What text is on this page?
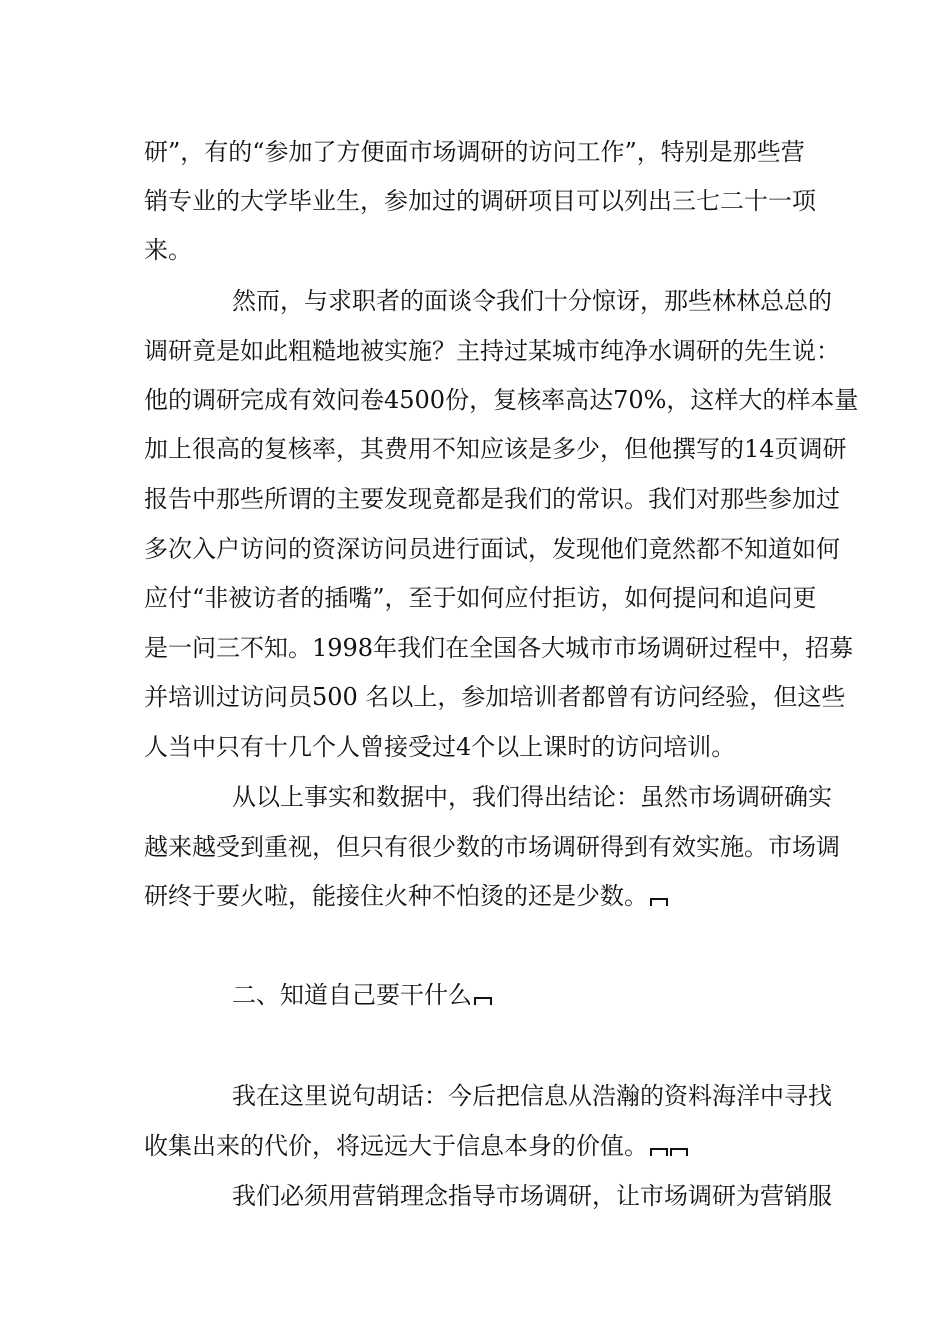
研”，有的“参加了方便面市场调研的访问工作”，特别是那些营
销专业的大学毕业生，参加过的调研项目可以列出三七二十一项
来。
然而，与求职者的面谈令我们十分惊讶，那些林林总总的
调研竟是如此粗糙地被实施？主持过某城市纯净水调研的先生说：
他的调研完成有效问卷4500份，复核率高达70%，这样大的样本量
加上很高的复核率，其费用不知应该是多少，但他撰写的14页调研
报告中那些所谓的主要发现竟都是我们的常识。我们对那些参加过
多次入户访问的资深访问员进行面试，发现他们竟然都不知道如何
应付“非被访者的插嘴”，至于如何应付拒访，如何提问和追问更
是一问三不知。1998年我们在全国各大城市市场调研过程中，招募
并培训过访问员500 名以上，参加培训者都曾有访问经验，但这些
人当中只有十几个人曾接受过4个以上课时的访问培训。
从以上事实和数据中，我们得出结论：虽然市场调研确实
越来越受到重视，但只有很少数的市场调研得到有效实施。市场调
研终于要火啦，能接住火种不怕烫的还是少数。
二、知道自己要干什么
我在这里说句胡话：今后把信息从浩瀚的资料海洋中寻找
收集出来的代价，将远远大于信息本身的价值。
我们必须用营销理念指导市场调研，让市场调研为营销服
